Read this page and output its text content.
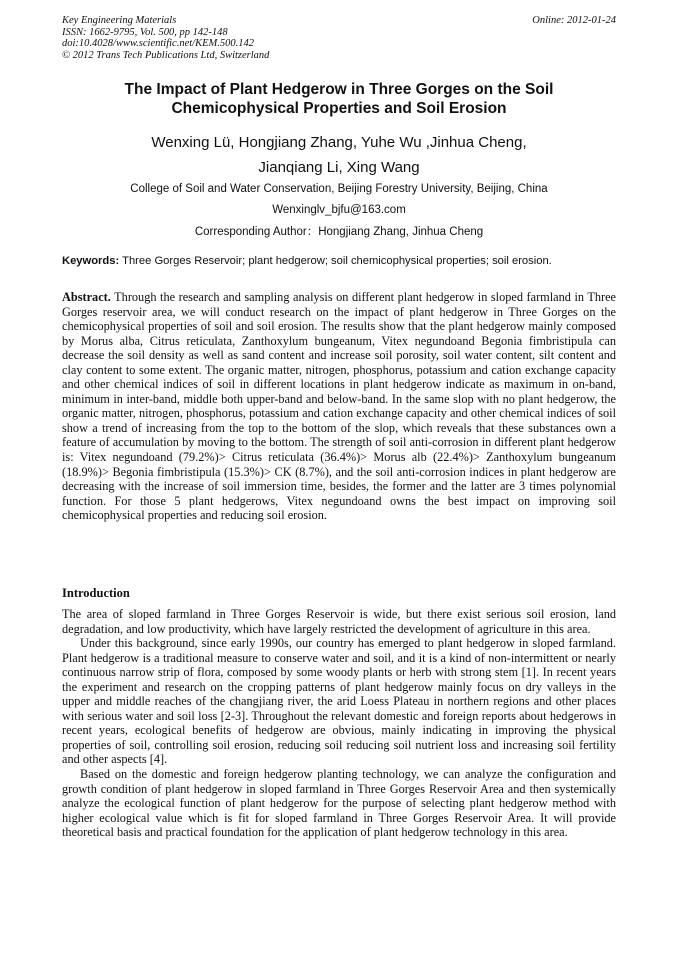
Key Engineering Materials
ISSN: 1662-9795, Vol. 500, pp 142-148
doi:10.4028/www.scientific.net/KEM.500.142
© 2012 Trans Tech Publications Ltd, Switzerland
Online: 2012-01-24
The Impact of Plant Hedgerow in Three Gorges on the Soil
Chemicophysical Properties and Soil Erosion
Wenxing Lü, Hongjiang Zhang, Yuhe Wu ,Jinhua Cheng,
Jianqiang Li, Xing Wang
College of Soil and Water Conservation, Beijing Forestry University, Beijing, China
Wenxinglv_bjfu@163.com
Corresponding Author：Hongjiang Zhang, Jinhua Cheng
Keywords: Three Gorges Reservoir; plant hedgerow; soil chemicophysical properties; soil erosion.
Abstract. Through the research and sampling analysis on different plant hedgerow in sloped farmland in Three Gorges reservoir area, we will conduct research on the impact of plant hedgerow in Three Gorges on the chemicophysical properties of soil and soil erosion. The results show that the plant hedgerow mainly composed by Morus alba, Citrus reticulata, Zanthoxylum bungeanum, Vitex negundoand Begonia fimbristipula can decrease the soil density as well as sand content and increase soil porosity, soil water content, silt content and clay content to some extent. The organic matter, nitrogen, phosphorus, potassium and cation exchange capacity and other chemical indices of soil in different locations in plant hedgerow indicate as maximum in on-band, minimum in inter-band, middle both upper-band and below-band. In the same slop with no plant hedgerow, the organic matter, nitrogen, phosphorus, potassium and cation exchange capacity and other chemical indices of soil show a trend of increasing from the top to the bottom of the slop, which reveals that these substances own a feature of accumulation by moving to the bottom. The strength of soil anti-corrosion in different plant hedgerow is: Vitex negundoand (79.2%)> Citrus reticulata (36.4%)> Morus alb (22.4%)> Zanthoxylum bungeanum (18.9%)> Begonia fimbristipula (15.3%)> CK (8.7%), and the soil anti-corrosion indices in plant hedgerow are decreasing with the increase of soil immersion time, besides, the former and the latter are 3 times polynomial function. For those 5 plant hedgerows, Vitex negundoand owns the best impact on improving soil chemicophysical properties and reducing soil erosion.
Introduction

The area of sloped farmland in Three Gorges Reservoir is wide, but there exist serious soil erosion, land degradation, and low productivity, which have largely restricted the development of agriculture in this area.

Under this background, since early 1990s, our country has emerged to plant hedgerow in sloped farmland. Plant hedgerow is a traditional measure to conserve water and soil, and it is a kind of non-intermittent or nearly continuous narrow strip of flora, composed by some woody plants or herb with strong stem [1]. In recent years the experiment and research on the cropping patterns of plant hedgerow mainly focus on dry valleys in the upper and middle reaches of the changjiang river, the arid Loess Plateau in northern regions and other places with serious water and soil loss [2-3]. Throughout the relevant domestic and foreign reports about hedgerows in recent years, ecological benefits of hedgerow are obvious, mainly indicating in improving the physical properties of soil, controlling soil erosion, reducing soil reducing soil nutrient loss and increasing soil fertility and other aspects [4].

Based on the domestic and foreign hedgerow planting technology, we can analyze the configuration and growth condition of plant hedgerow in sloped farmland in Three Gorges Reservoir Area and then systemically analyze the ecological function of plant hedgerow for the purpose of selecting plant hedgerow method with higher ecological value which is fit for sloped farmland in Three Gorges Reservoir Area. It will provide theoretical basis and practical foundation for the application of plant hedgerow technology in this area.
